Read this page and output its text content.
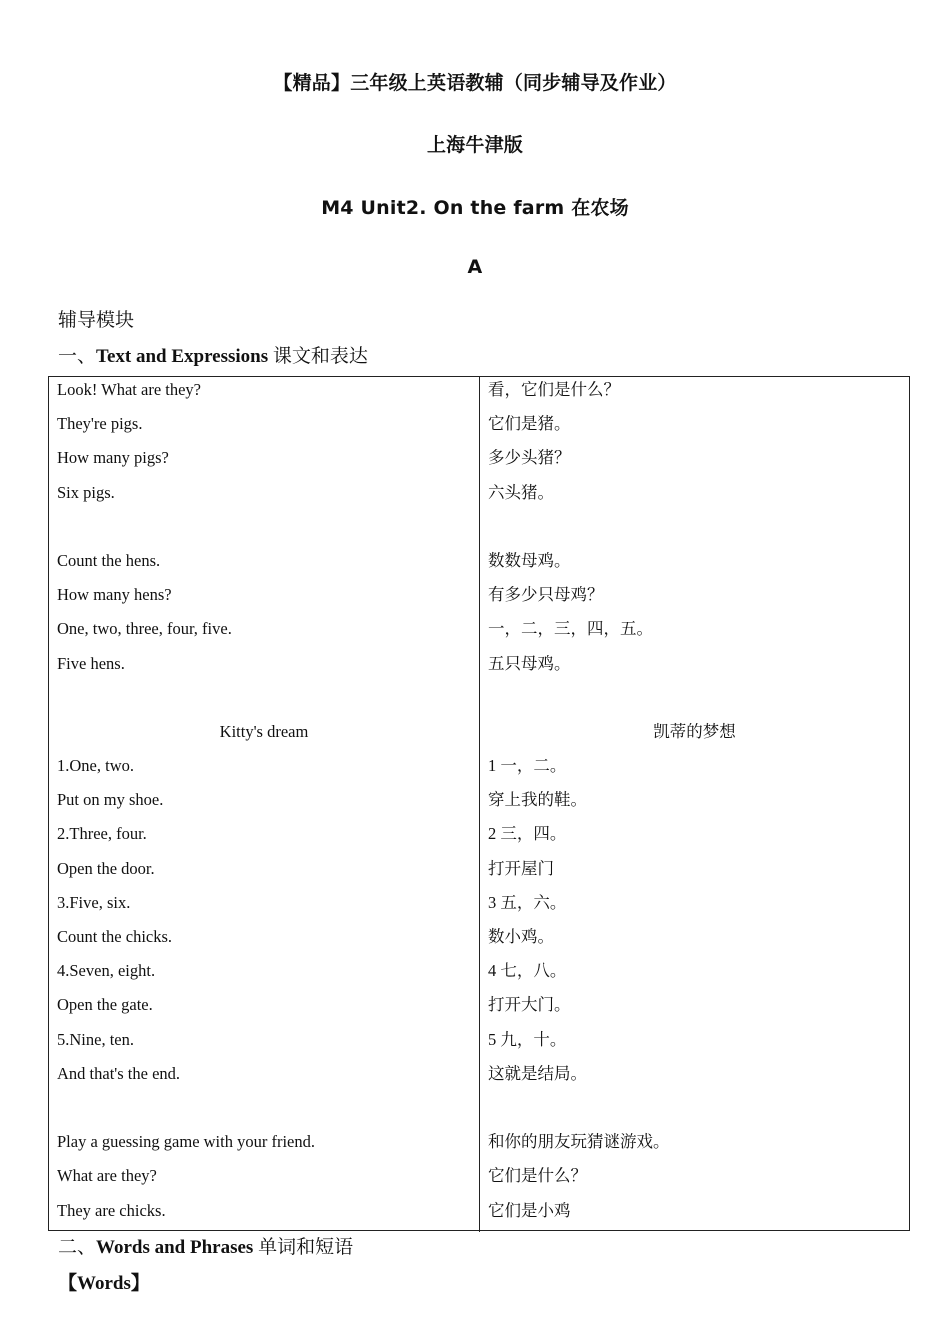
【精品】三年级上英语教辅（同步辅导及作业）
上海牛津版
M4 Unit2. On the farm 在农场
A
辅导模块
一、Text and Expressions 课文和表达
Look! What are they?
They're pigs.
How many pigs?
Six pigs.
Count the hens.
How many hens?
One, two, three, four, five.
Five hens.
Kitty's dream
1.One, two.
Put on my shoe.
2.Three, four.
Open the door.
3.Five, six.
Count the chicks.
4.Seven, eight.
Open the gate.
5.Nine, ten.
And that's the end.
Play a guessing game with your friend.
What are they?
They are chicks.
看，它们是什么？
它们是猪。
多少头猪？
六头猪。
数数母鸡。
有多少只母鸡？
一，二，三，四，五。
五只母鸡。
凯蒂的梦想
1 一，二。
穿上我的鞋。
2 三，四。
打开屋门
3 五，六。
数小鸡。
4 七，八。
打开大门。
5 九，十。
这就是结局。
和你的朋友玩猜谜游戏。
它们是什么？
它们是小鸡
二、Words and Phrases 单词和短语
【Words】
